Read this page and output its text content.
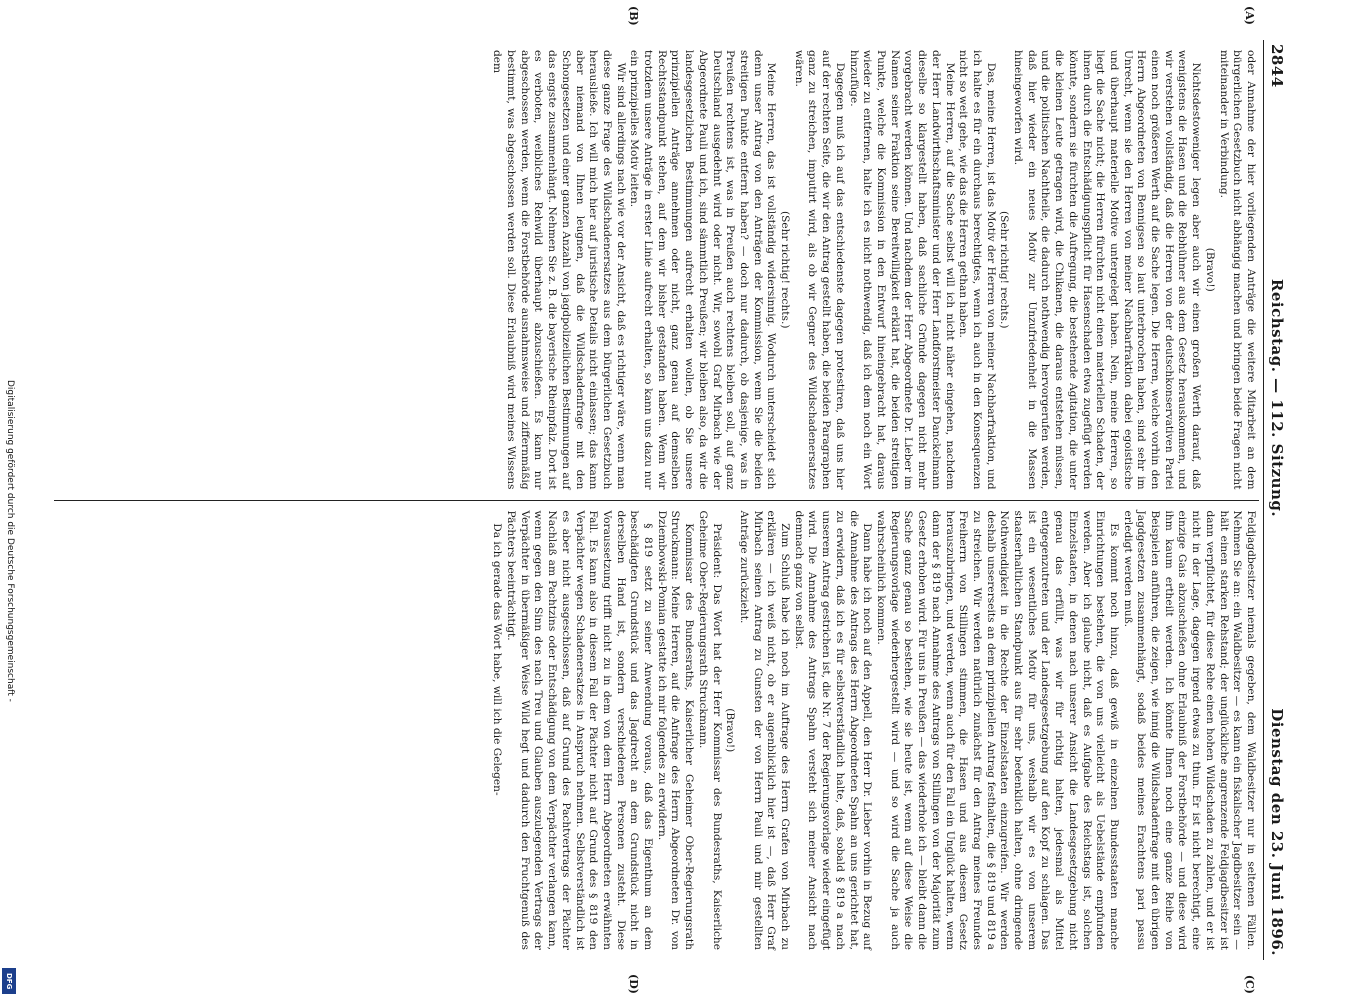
2844
Reichstag. — 112. Sitzung.
Dienstag den 23. Juni 1896.

oder Annahme der hier vorliegenden Anträge die weitere Mitarbeit an dem bürgerlichen Gesetzbuch nicht abhängig machen und bringen beide Fragen nicht miteinander in Verbindung.

(Bravo!)

Nichtsdestoweniger legen aber auch wir einen großen Werth darauf, daß wenigstens die Hasen und die Rebhühner aus dem Gesetz herauskommen, und wir verstehen vollständig, daß die Herren von der deutschkonservativen Partei einen noch größeren Werth auf die Sache legen. Die Herren, welche vorhin den Herrn Abgeordneten von Bennigsen so laut unterbrochen haben, sind sehr im Unrecht, wenn sie den Herren von meiner Nachbarfraktion dabei egoistische und überhaupt materielle Motive untergelegt haben. Nein, meine Herren, so liegt die Sache nicht; die Herren fürchten nicht einen materiellen Schaden, der ihnen durch die Entschädigungspflicht für Hasenschaden etwa zugefügt werden könnte, sondern sie fürchten die Aufregung, die bestehende Agitation, die unter die kleinen Leute getragen wird, die Chikanen, die daraus entstehen müssen, und die politischen Nachtheile, die dadurch nothwendig hervorgerufen werden, daß hier wieder ein neues Motiv zur Unzufriedenheit in die Massen hineingeworfen wird.

(Sehr richtig! rechts.)

Das, meine Herren, ist das Motiv der Herren von meiner Nachbarfraktion, und ich halte es für ein durchaus berechtigtes, wenn ich auch in den Konsequenzen nicht so weit gehe, wie das die Herren gethan haben.

Meine Herren, auf die Sache selbst will ich nicht näher eingehen, nachdem der Herr Landwirthschaftsminister und der Herr Landforstmeister Danckelmann dieselbe so klargestellt haben, daß sachliche Gründe dagegen nicht mehr vorgebracht werden können. Und nachdem der Herr Abgeordnete Dr. Lieber im Namen seiner Fraktion seine Bereitwilligkeit erklärt hat, die beiden streitigen Punkte, welche die Kommission in den Entwurf hineingebracht hat, daraus wieder zu entfernen, halte ich es nicht nothwendig, daß ich dem noch ein Wort hinzufüge.

Dagegen muß ich auf das entschiedenste dagegen protestiren, daß uns hier auf der rechten Seite, die wir den Antrag gestellt haben, die beiden Paragraphen ganz zu streichen, imputirt wird, als ob wir Gegner des Wildschadenersatzes wären.

(Sehr richtig! rechts.)

Meine Herren, das ist vollständig widersinnig. Wodurch unterscheidet sich denn unser Antrag von den Anträgen der Kommission, wenn Sie die beiden streitigen Punkte entfernt haben? — doch nur dadurch, ob dasjenige, was in Preußen rechtens ist, was in Preußen auch rechtens bleiben soll, auf ganz Deutschland ausgedehnt wird oder nicht. Wir, sowohl Graf Mirbach wie der Abgeordnete Pauli und ich, sind sämmtlich Preußen; wir bleiben also, da wir die landesgesetzlichen Bestimmungen aufrecht erhalten wollen, ob Sie unsere prinzipiellen Anträge annehmen oder nicht, ganz genau auf demselben Rechtsstandpunkt stehen, auf dem wir bisher gestanden haben. Wenn wir trotzdem unsere Anträge in erster Linie aufrecht erhalten, so kann uns dazu nur ein prinzipielles Motiv leiten.

Wir sind allerdings nach wie vor der Ansicht, daß es richtiger wäre, wenn man diese ganze Frage des Wildschadenersatzes aus dem bürgerlichen Gesetzbuch herausließe. Ich will mich hier auf juristische Details nicht einlassen; das kann aber niemand von Ihnen leugnen, daß die Wildschadenfrage mit den Schongesetzen und einer ganzen Anzahl von jagdpolizeilichen Bestimmungen auf das engste zusammenhängt. Nehmen Sie z. B. die bayerische Rheinpfalz. Dort ist es verboten, weibliches Rehwild überhaupt abzuschießen. Es kann nur abgeschossen werden, wenn die Forstbehörde ausnahmsweise und ziffernmäßig bestimmt, was abgeschossen werden soll. Diese Erlaubniß wird meines Wissens dem

Feldjagdbesitzer niemals gegeben, dem Waldbesitzer nur in seltenen Fällen. Nehmen Sie an: ein Waldbesitzer — es kann ein fiskalischer Jagdbesitzer sein — hält einen starken Rehstand; der unglückliche angrenzende Feldjagdbesitzer ist dann verpflichtet, für diese Rehe einen hohen Wildschaden zu zahlen, und er ist nicht in der Lage, dagegen irgend etwas zu thun. Er ist nicht berechtigt, eine einzige Gais abzuschießen ohne Erlaubniß der Forstbehörde — und diese wird ihm kaum ertheilt werden. Ich könnte Ihnen noch eine ganze Reihe von Beispielen anführen, die zeigen, wie innig die Wildschadenfrage mit den übrigen Jagdgesetzen zusammenhängt, sodaß beides meines Erachtens pari passu erledigt werden muß.

Es kommt noch hinzu, daß gewiß in einzelnen Bundesstaaten manche Einrichtungen bestehen, die von uns vielleicht als Uebelstände empfunden werden. Aber ich glaube nicht, daß es Aufgabe des Reichstags ist, solchen Einzelstaaten, in denen nach unserer Ansicht die Landesgesetzgebung nicht genau das erfüllt, was wir für richtig halten, jedesmal als Mittel entgegenzutreten und der Landesgesetzgebung auf den Kopf zu schlagen. Das ist ein wesentliches Motiv für uns, weshalb wir es von unserem staatserhaltlichen Standpunkt aus für sehr bedenklich halten, ohne dringende Nothwendigkeit in die Rechte der Einzelstaaten einzugreifen. Wir werden deshalb unsererseits an dem prinzipiellen Antrag festhalten, die § 819 und 819 a zu streichen. Wir werden natürlich zunächst für den Antrag meines Freundes Freiherrn von Stillingen stimmen, die Hasen und aus diesem Gesetz herauszubringen, und werden, wenn auch für den Fall ein Unglück halten, wenn dann der § 819 nach Annahme des Antrags von Stillingen von der Majorität zum Gesetz erhoben wird. Für uns in Preußen — das wiederhole ich — bleibt dann die Sache ganz genau so bestehen, wie sie heute ist, wenn auf diese Weise die Regierungsvorlage wiederhergestellt wird — und so wird die Sache ja auch wahrscheinlich kommen.

Dann habe ich noch auf den Appell, den Herr Dr. Lieber vorhin in Bezug auf die Annahme des Antrags des Herrn Abgeordneten Spahn an uns gerichtet hat, zu erwidern, daß ich es für selbstverständlich halte, daß, sobald § 819 a nach unserem Antrag gestrichen ist, die Nr. 7 der Regierungsvorlage wieder eingefügt wird. Die Annahme des Antrags Spahn versteht sich meiner Ansicht nach demnach ganz von selbst.

Zum Schluß habe ich noch im Auftrage des Herrn Grafen von Mirbach zu erklären — ich weiß nicht, ob er augenblicklich hier ist —, daß Herr Graf Mirbach seinen Antrag zu Gunsten der von Herrn Pauli und mir gestellten Anträge zurückzieht.

(Bravo!)

Präsident: Das Wort hat der Herr Kommissar des Bundesraths, Kaiserliche Geheime Ober-Regierungsrath Struckmann.

Kommissar des Bundesraths, Kaiserlicher Geheimer Ober-Regierungsrath Struckmann: Meine Herren, auf die Anfrage des Herrn Abgeordneten Dr. von Dziembowski-Pomian gestatte ich mir folgendes zu erwidern.

§ 819 setzt zu seiner Anwendung voraus, daß das Eigenthum an dem beschädigten Grundstück und das Jagdrecht an dem Grundstück nicht in derselben Hand ist, sondern verschiedenen Personen zusteht. Diese Voraussetzung trifft nicht zu in dem von dem Herrn Abgeordneten erwähnten Fall. Es kann also in diesem Fall der Pächter nicht auf Grund des § 819 den Verpächter wegen Schadenersatzes in Anspruch nehmen. Selbstverständlich ist es aber nicht ausgeschlossen, daß auf Grund des Pachtvertrags der Pächter Nachlaß am Pachtzins oder Entschädigung von dem Verpächter verlangen kann, wenn gegen den Sinn des nach Treu und Glauben auszulegenden Vertrags der Verpächter in übermäßiger Weise Wild hegt und dadurch den Fruchtgenuß des Pächters beeinträchtigt.

Da ich gerade das Wort habe, will ich die Gelegen-

(A)
(B)
(C)
(D)
Digitalisierung gefördert durch die Deutsche Forschungsgemeinschaft -
DFG
